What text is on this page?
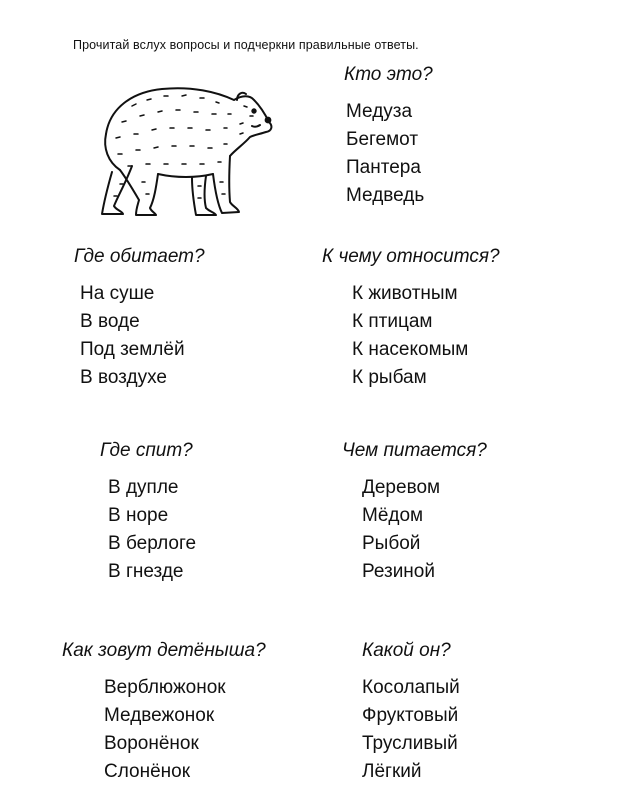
Прочитай вслух вопросы и подчеркни правильные ответы.
Кто это?
Медуза
Бегемот
Пантера
Медведь
Где обитает?
На суше
В воде
Под землёй
В воздухе
К чему относится?
К животным
К птицам
К насекомым
К рыбам
Где спит?
В дупле
В норе
В берлоге
В гнезде
Чем питается?
Деревом
Мёдом
Рыбой
Резиной
Как зовут детёныша?
Верблюжонок
Медвежонок
Воронёнок
Слонёнок
Какой он?
Косолапый
Фруктовый
Трусливый
Лёгкий
